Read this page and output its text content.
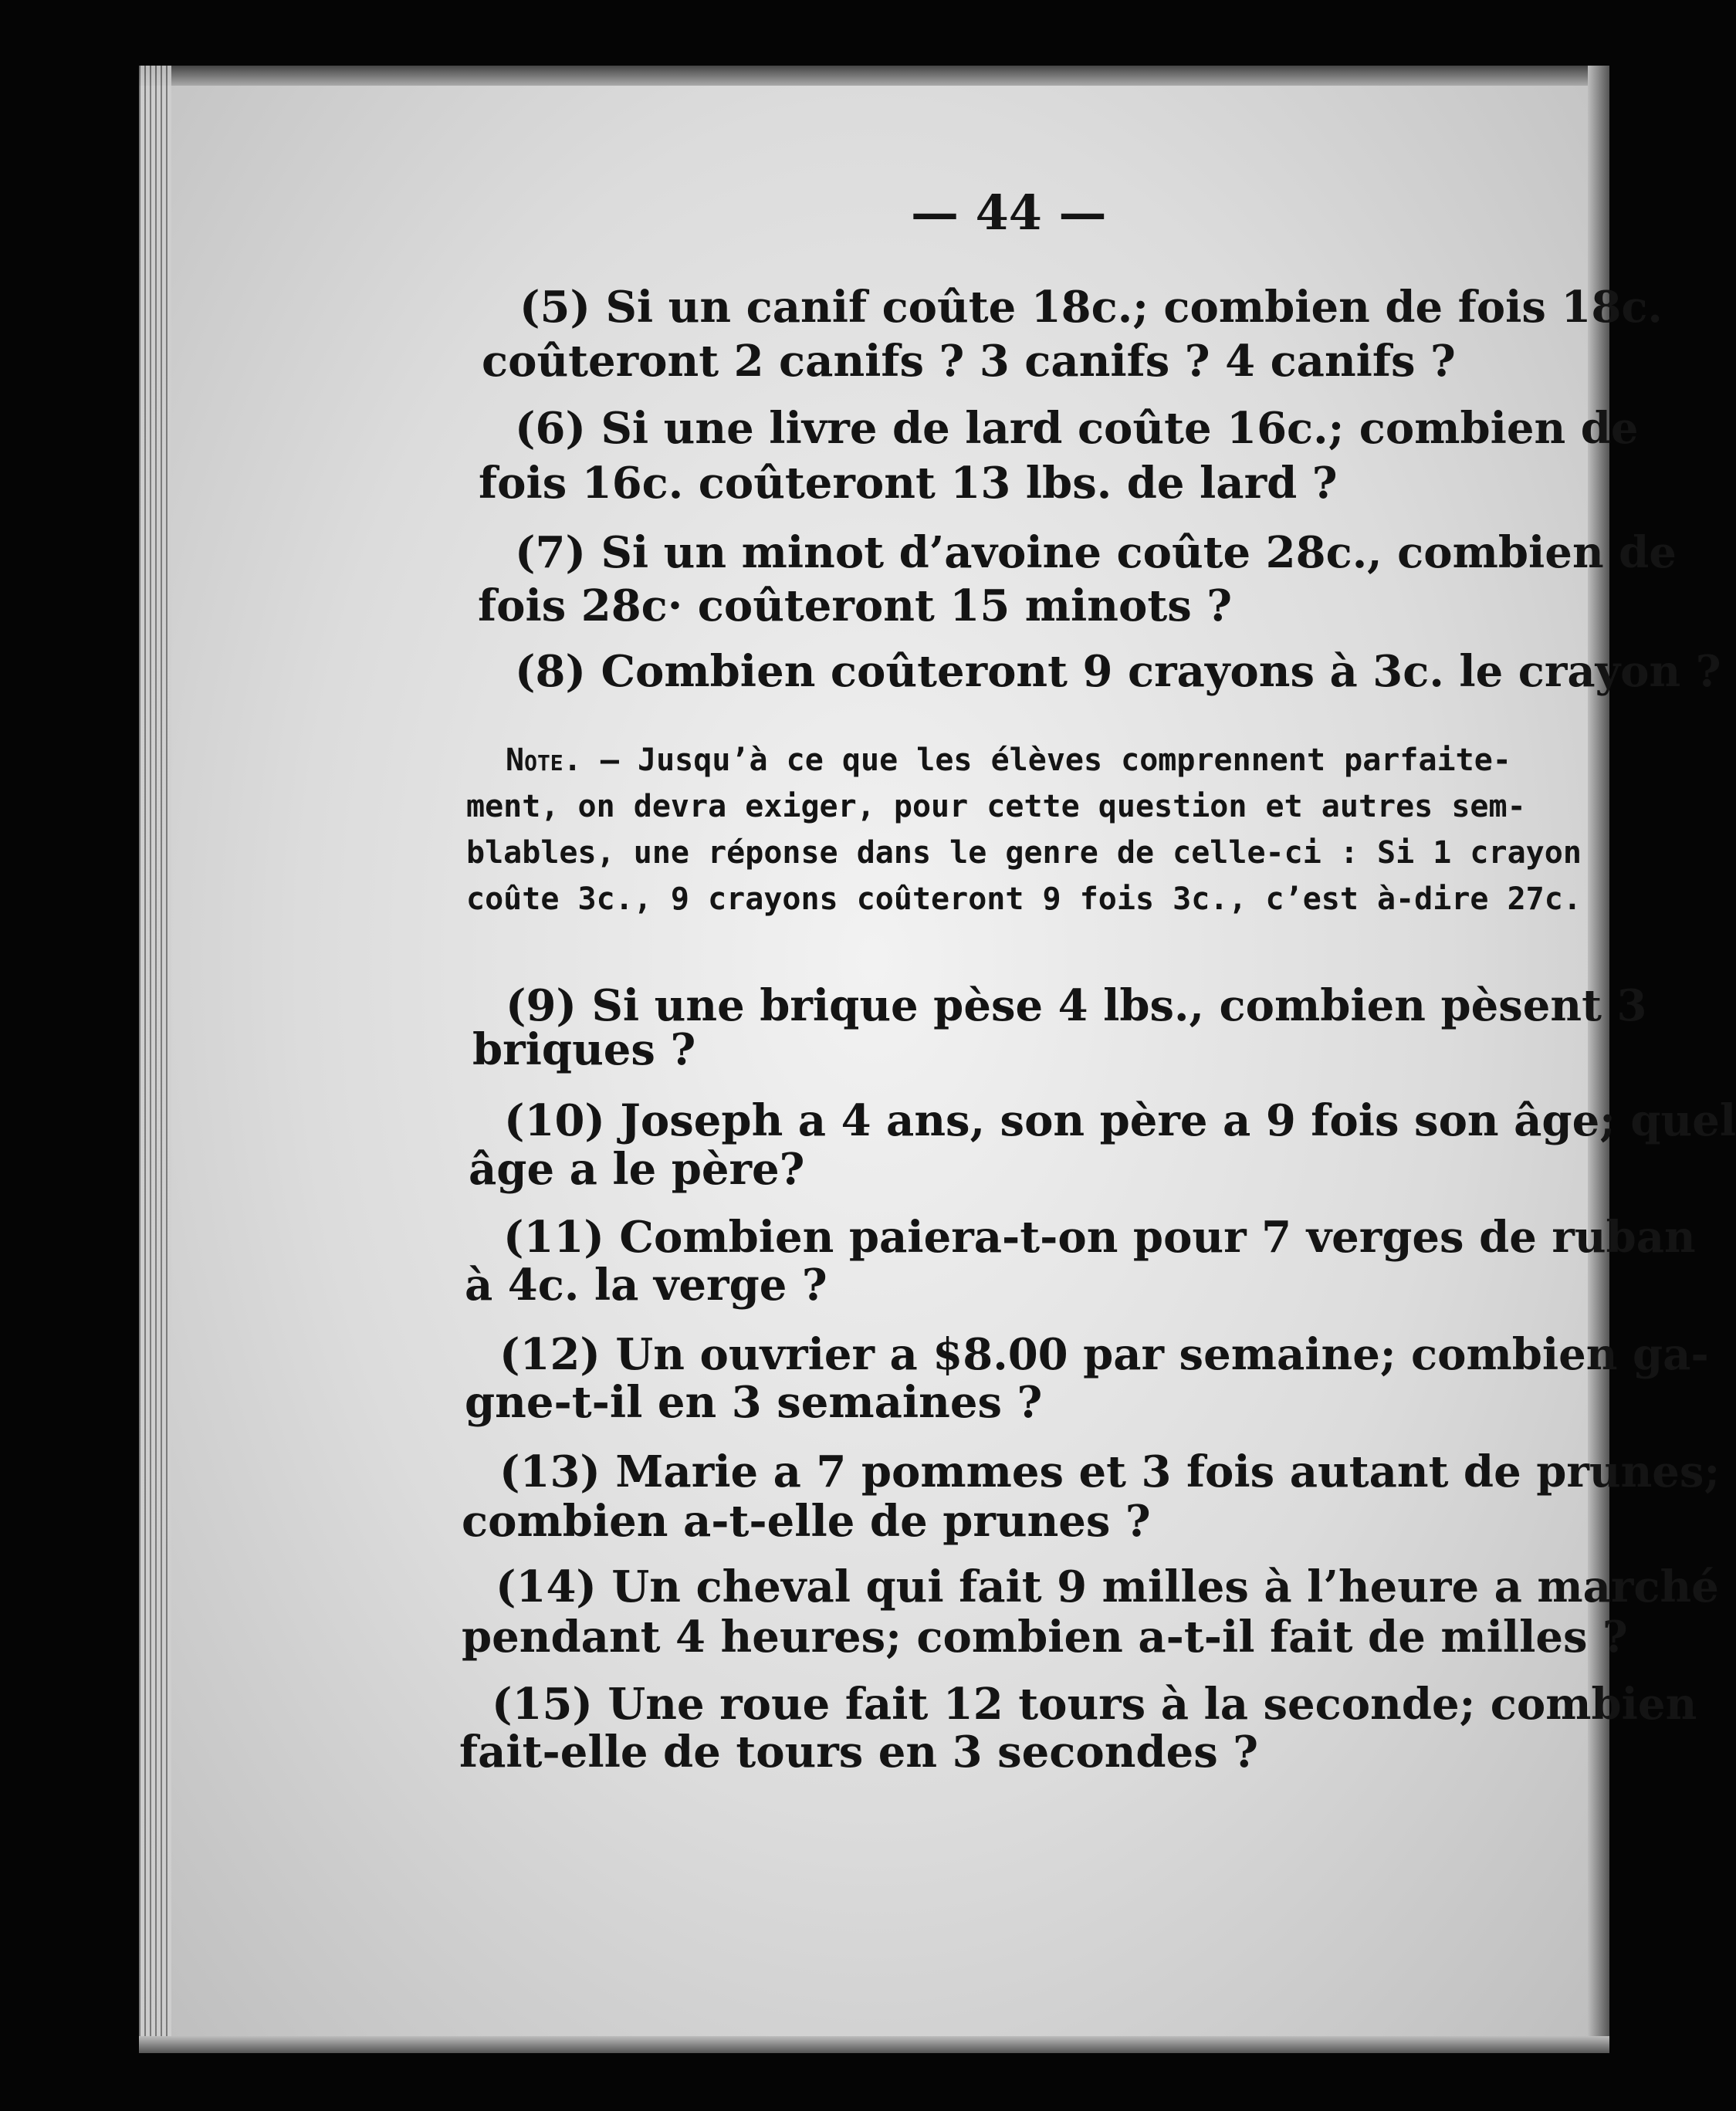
— 44 —
(5) Si un canif coûte 18c.; combien de fois 18c.
coûteront 2 canifs ? 3 canifs ? 4 canifs ?
(6) Si une livre de lard coûte 16c.; combien de
fois 16c. coûteront 13 lbs. de lard ?
(7) Si un minot d’avoine coûte 28c., combien de
fois 28c· coûteront 15 minots ?
(8) Combien coûteront 9 crayons à 3c. le crayon ?
Note. — Jusqu’à ce que les élèves comprennent parfaite-
ment, on devra exiger, pour cette question et autres sem-
blables, une réponse dans le genre de celle-ci : Si 1 crayon
coûte 3c., 9 crayons coûteront 9 fois 3c., c’est à-dire 27c.
(9) Si une brique pèse 4 lbs., combien pèsent 3
briques ?
(10) Joseph a 4 ans, son père a 9 fois son âge; quel
âge a le père?
(11) Combien paiera-t-on pour 7 verges de ruban
à 4c. la verge ?
(12) Un ouvrier a $8.00 par semaine; combien ga-
gne-t-il en 3 semaines ?
(13) Marie a 7 pommes et 3 fois autant de prunes;
combien a-t-elle de prunes ?
(14) Un cheval qui fait 9 milles à l’heure a marché
pendant 4 heures; combien a-t-il fait de milles ?
(15) Une roue fait 12 tours à la seconde; combien
fait-elle de tours en 3 secondes ?
